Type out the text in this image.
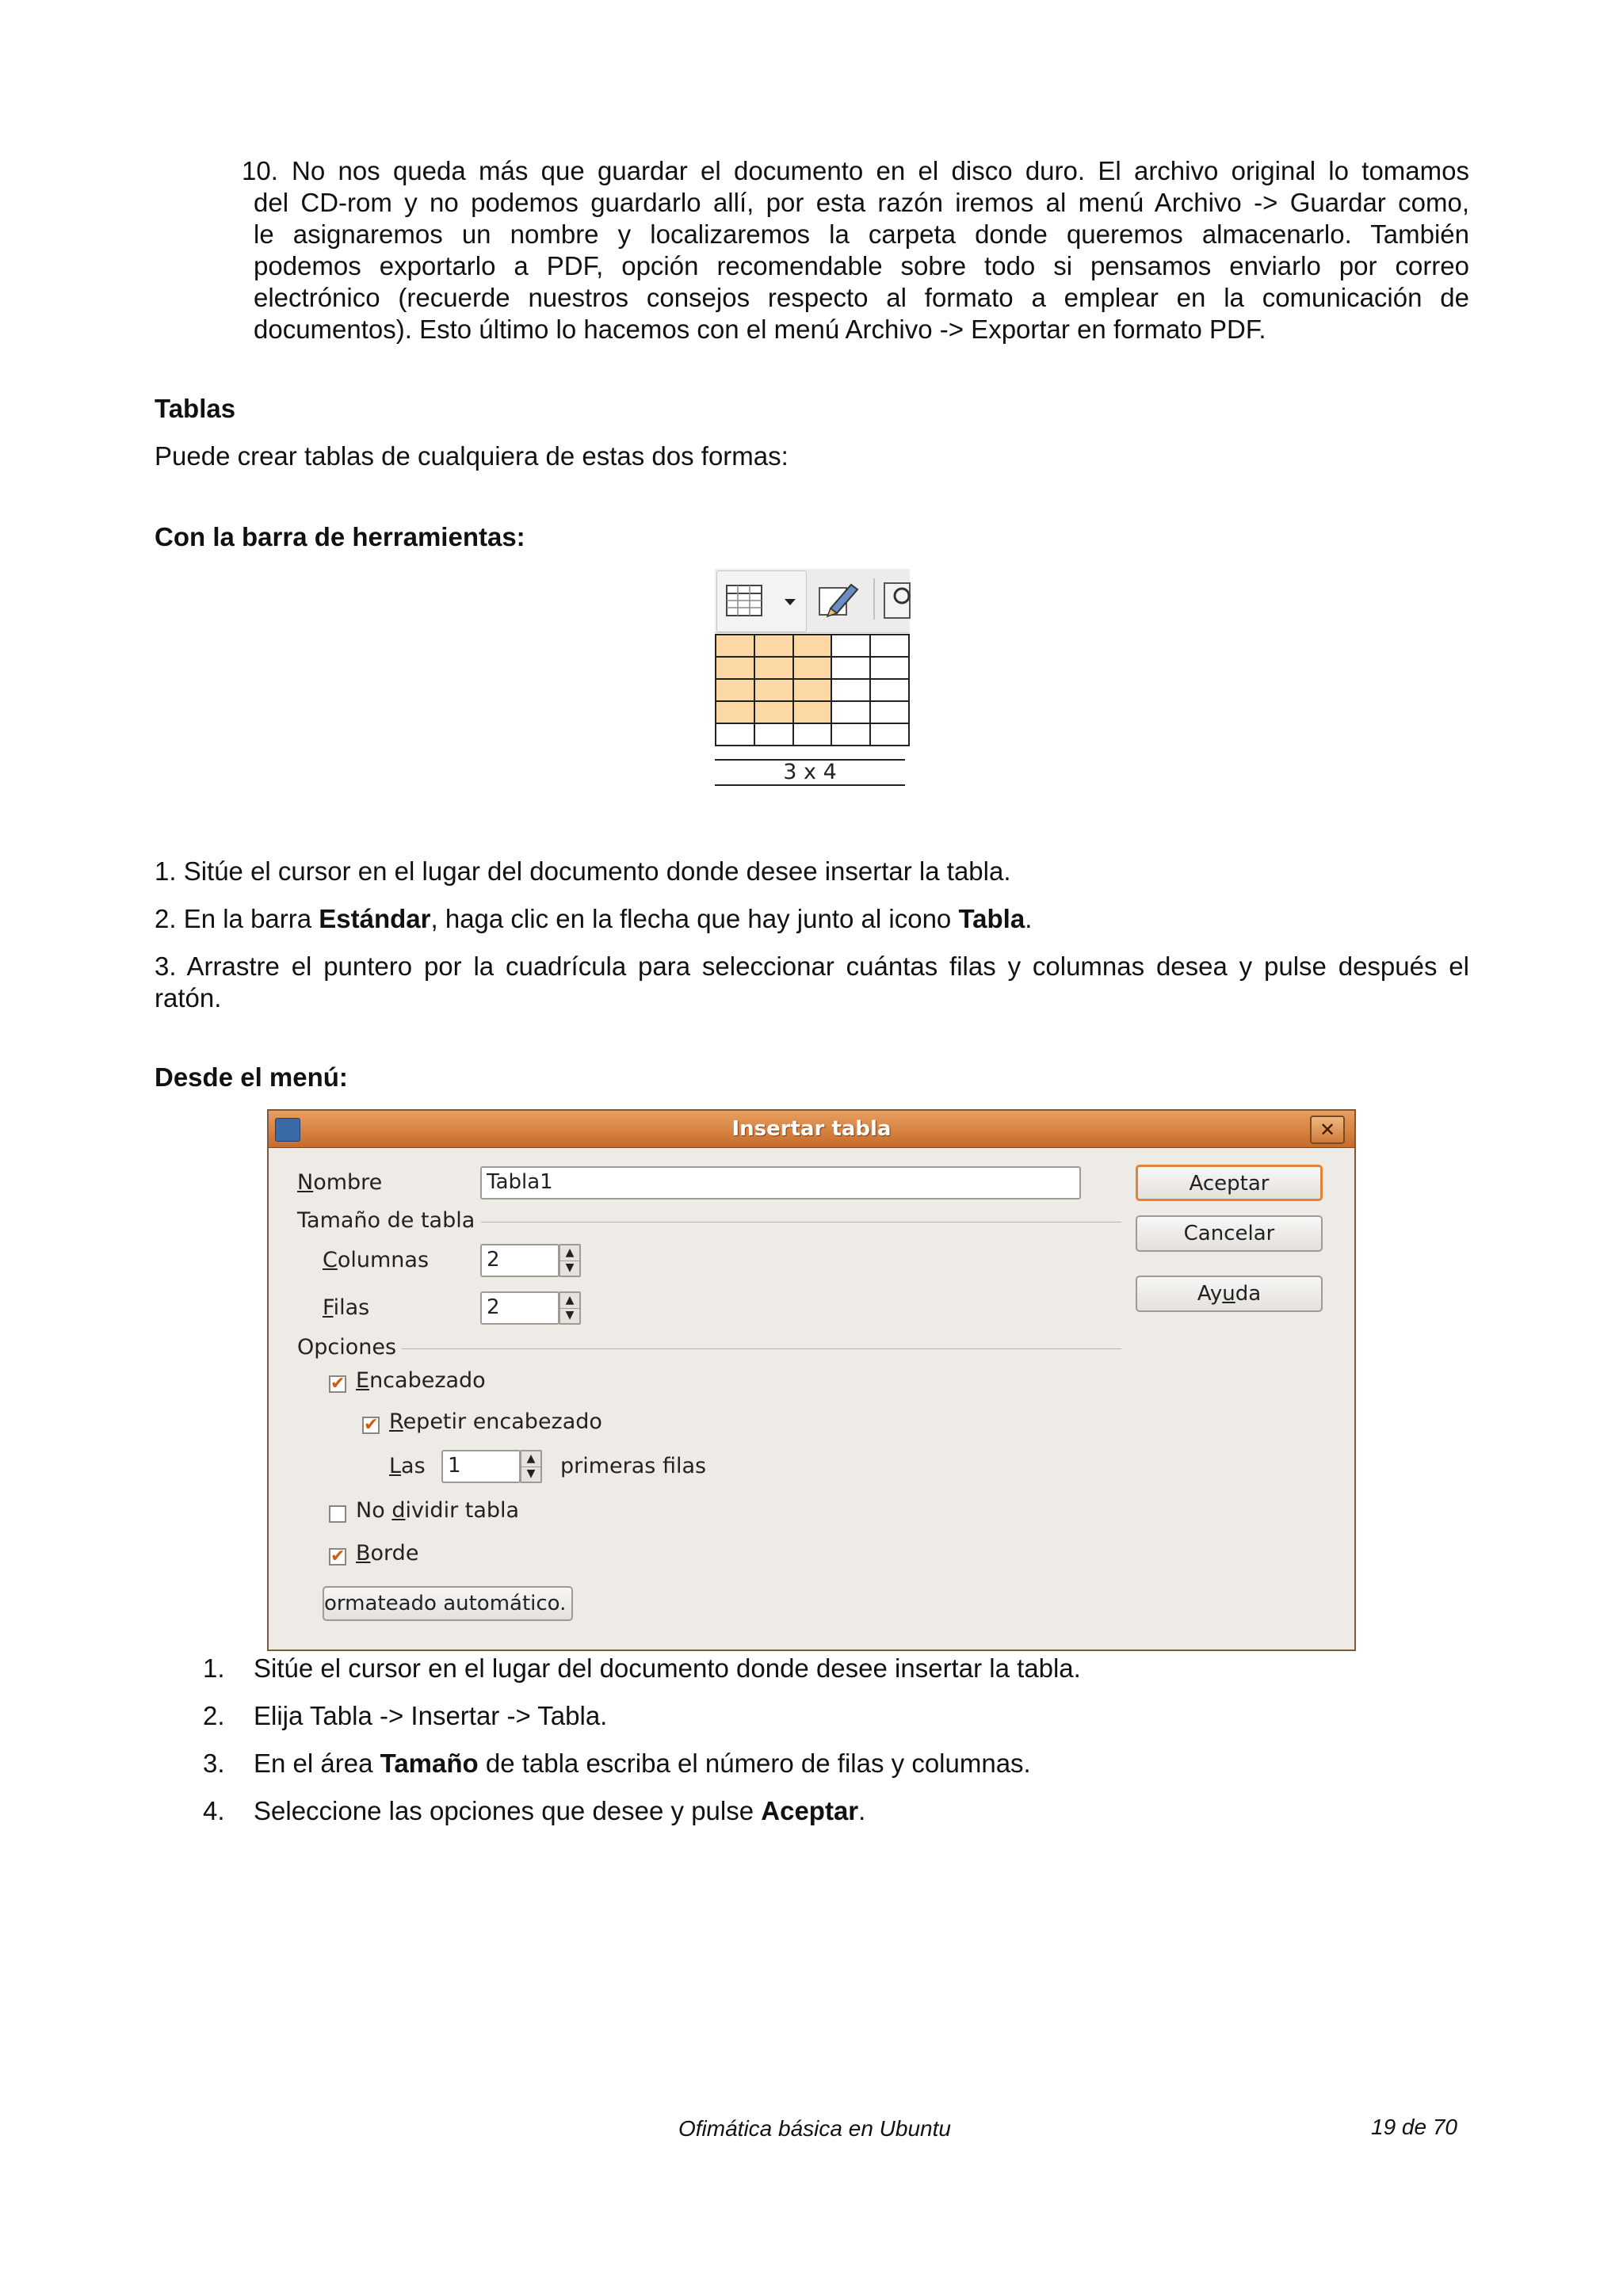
10. No nos queda más que guardar el documento en el disco duro. El archivo original lo tomamos

del CD-rom y no podemos guardarlo allí, por esta razón iremos al menú Archivo -> Guardar como,

le asignaremos un nombre y localizaremos la carpeta donde queremos almacenarlo. También

podemos exportarlo a PDF, opción recomendable sobre todo si pensamos enviarlo por correo

electrónico (recuerde nuestros consejos respecto al formato a emplear en la comunicación de

documentos). Esto último lo hacemos con el menú Archivo -> Exportar en formato PDF.

Tablas

Puede crear tablas de cualquiera de estas dos formas:

Con la barra de herramientas:

3 x 4

1. Sitúe el cursor en el lugar del documento donde desee insertar la tabla.

2. En la barra Estándar, haga clic en la flecha que hay junto al icono Tabla.

3. Arrastre el puntero por la cuadrícula para seleccionar cuántas filas y columnas desea y pulse después el

ratón.

Desde el menú:

Insertar tabla	✕
Nombre	Tabla1
Tamaño de tabla
Columnas	2	▲
▼
Filas	2	▲
▼
Opciones
✔ Encabezado
✔ Repetir encabezado
Las	1	▲
▼ primeras filas
No dividir tabla
✔ Borde
ormateado automático.
Aceptar
Cancelar
Ayuda
1. Sitúe el cursor en el lugar del documento donde desee insertar la tabla.

2. Elija Tabla -> Insertar -> Tabla.

3. En el área Tamaño de tabla escriba el número de filas y columnas.

4. Seleccione las opciones que desee y pulse Aceptar.

Ofimática básica en Ubuntu	19 de 70
